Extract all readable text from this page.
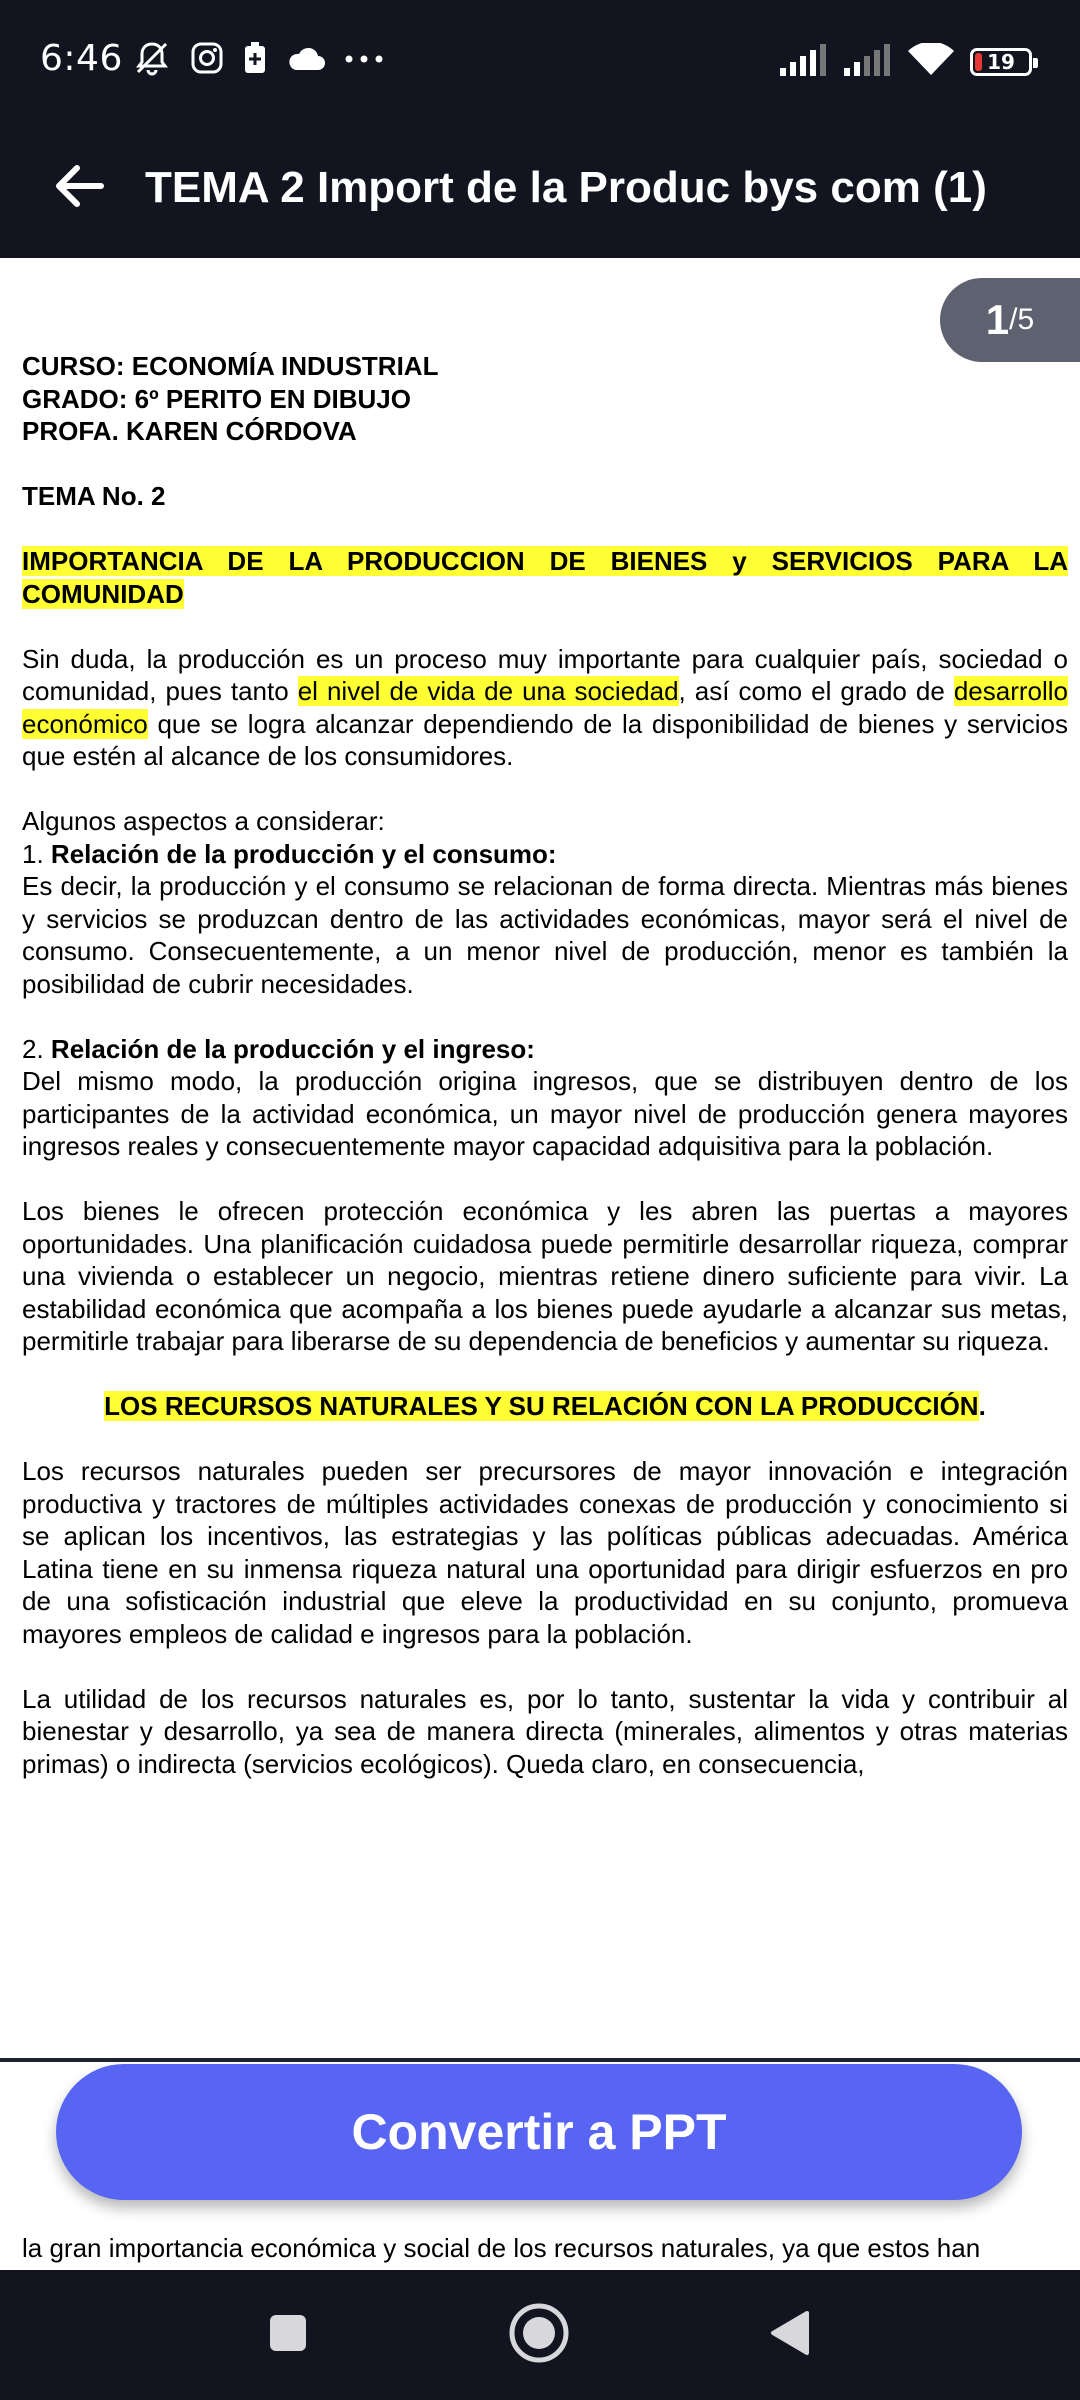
6:46	19
TEMA 2 Import de la Produc bys com (1)
1 / 5

CURSO: ECONOMÍA INDUSTRIAL

GRADO: 6º PERITO EN DIBUJO

PROFA. KAREN CÓRDOVA

TEMA No. 2

IMPORTANCIA DE LA PRODUCCION DE BIENES y SERVICIOS PARA LA COMUNIDAD

Sin duda, la producción es un proceso muy importante para cualquier país, sociedad o comunidad, pues tanto el nivel de vida de una sociedad, así como el grado de desarrollo económico que se logra alcanzar dependiendo de la disponibilidad de bienes y servicios que estén al alcance de los consumidores.

Algunos aspectos a considerar:

1. Relación de la producción y el consumo:

Es decir, la producción y el consumo se relacionan de forma directa. Mientras más bienes y servicios se produzcan dentro de las actividades económicas, mayor será el nivel de consumo. Consecuentemente, a un menor nivel de producción, menor es también la posibilidad de cubrir necesidades.

2. Relación de la producción y el ingreso:

Del mismo modo, la producción origina ingresos, que se distribuyen dentro de los participantes de la actividad económica, un mayor nivel de producción genera mayores ingresos reales y consecuentemente mayor capacidad adquisitiva para la población.

Los bienes le ofrecen protección económica y les abren las puertas a mayores oportunidades. Una planificación cuidadosa puede permitirle desarrollar riqueza, comprar una vivienda o establecer un negocio, mientras retiene dinero suficiente para vivir. La estabilidad económica que acompaña a los bienes puede ayudarle a alcanzar sus metas, permitirle trabajar para liberarse de su dependencia de beneficios y aumentar su riqueza.

LOS RECURSOS NATURALES Y SU RELACIÓN CON LA PRODUCCIÓN.

Los recursos naturales pueden ser precursores de mayor innovación e integración productiva y tractores de múltiples actividades conexas de producción y conocimiento si se aplican los incentivos, las estrategias y las políticas públicas adecuadas. América Latina tiene en su inmensa riqueza natural una oportunidad para dirigir esfuerzos en pro de una sofisticación industrial que eleve la productividad en su conjunto, promueva mayores empleos de calidad e ingresos para la población.

La utilidad de los recursos naturales es, por lo tanto, sustentar la vida y contribuir al bienestar y desarrollo, ya sea de manera directa (minerales, alimentos y otras materias primas) o indirecta (servicios ecológicos). Queda claro, en consecuencia,

la gran importancia económica y social de los recursos naturales, ya que estos han
Convertir a PPT
